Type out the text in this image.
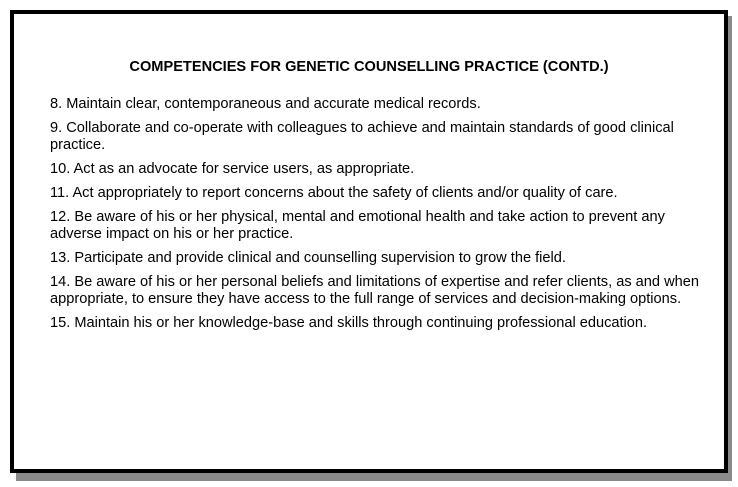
COMPETENCIES FOR GENETIC COUNSELLING PRACTICE (CONTD.)
8. Maintain clear, contemporaneous and accurate medical records.
9. Collaborate and co-operate with colleagues to achieve and maintain standards of good clinical practice.
10. Act as an advocate for service users, as appropriate.
11. Act appropriately to report concerns about the safety of clients and/or quality of care.
12. Be aware of his or her physical, mental and emotional health and take action to prevent any adverse impact on his or her practice.
13. Participate and provide clinical and counselling supervision to grow the field.
14. Be aware of his or her personal beliefs and limitations of expertise and refer clients, as and when appropriate, to ensure they have access to the full range of services and decision-making options.
15. Maintain his or her knowledge-base and skills through continuing professional education.
